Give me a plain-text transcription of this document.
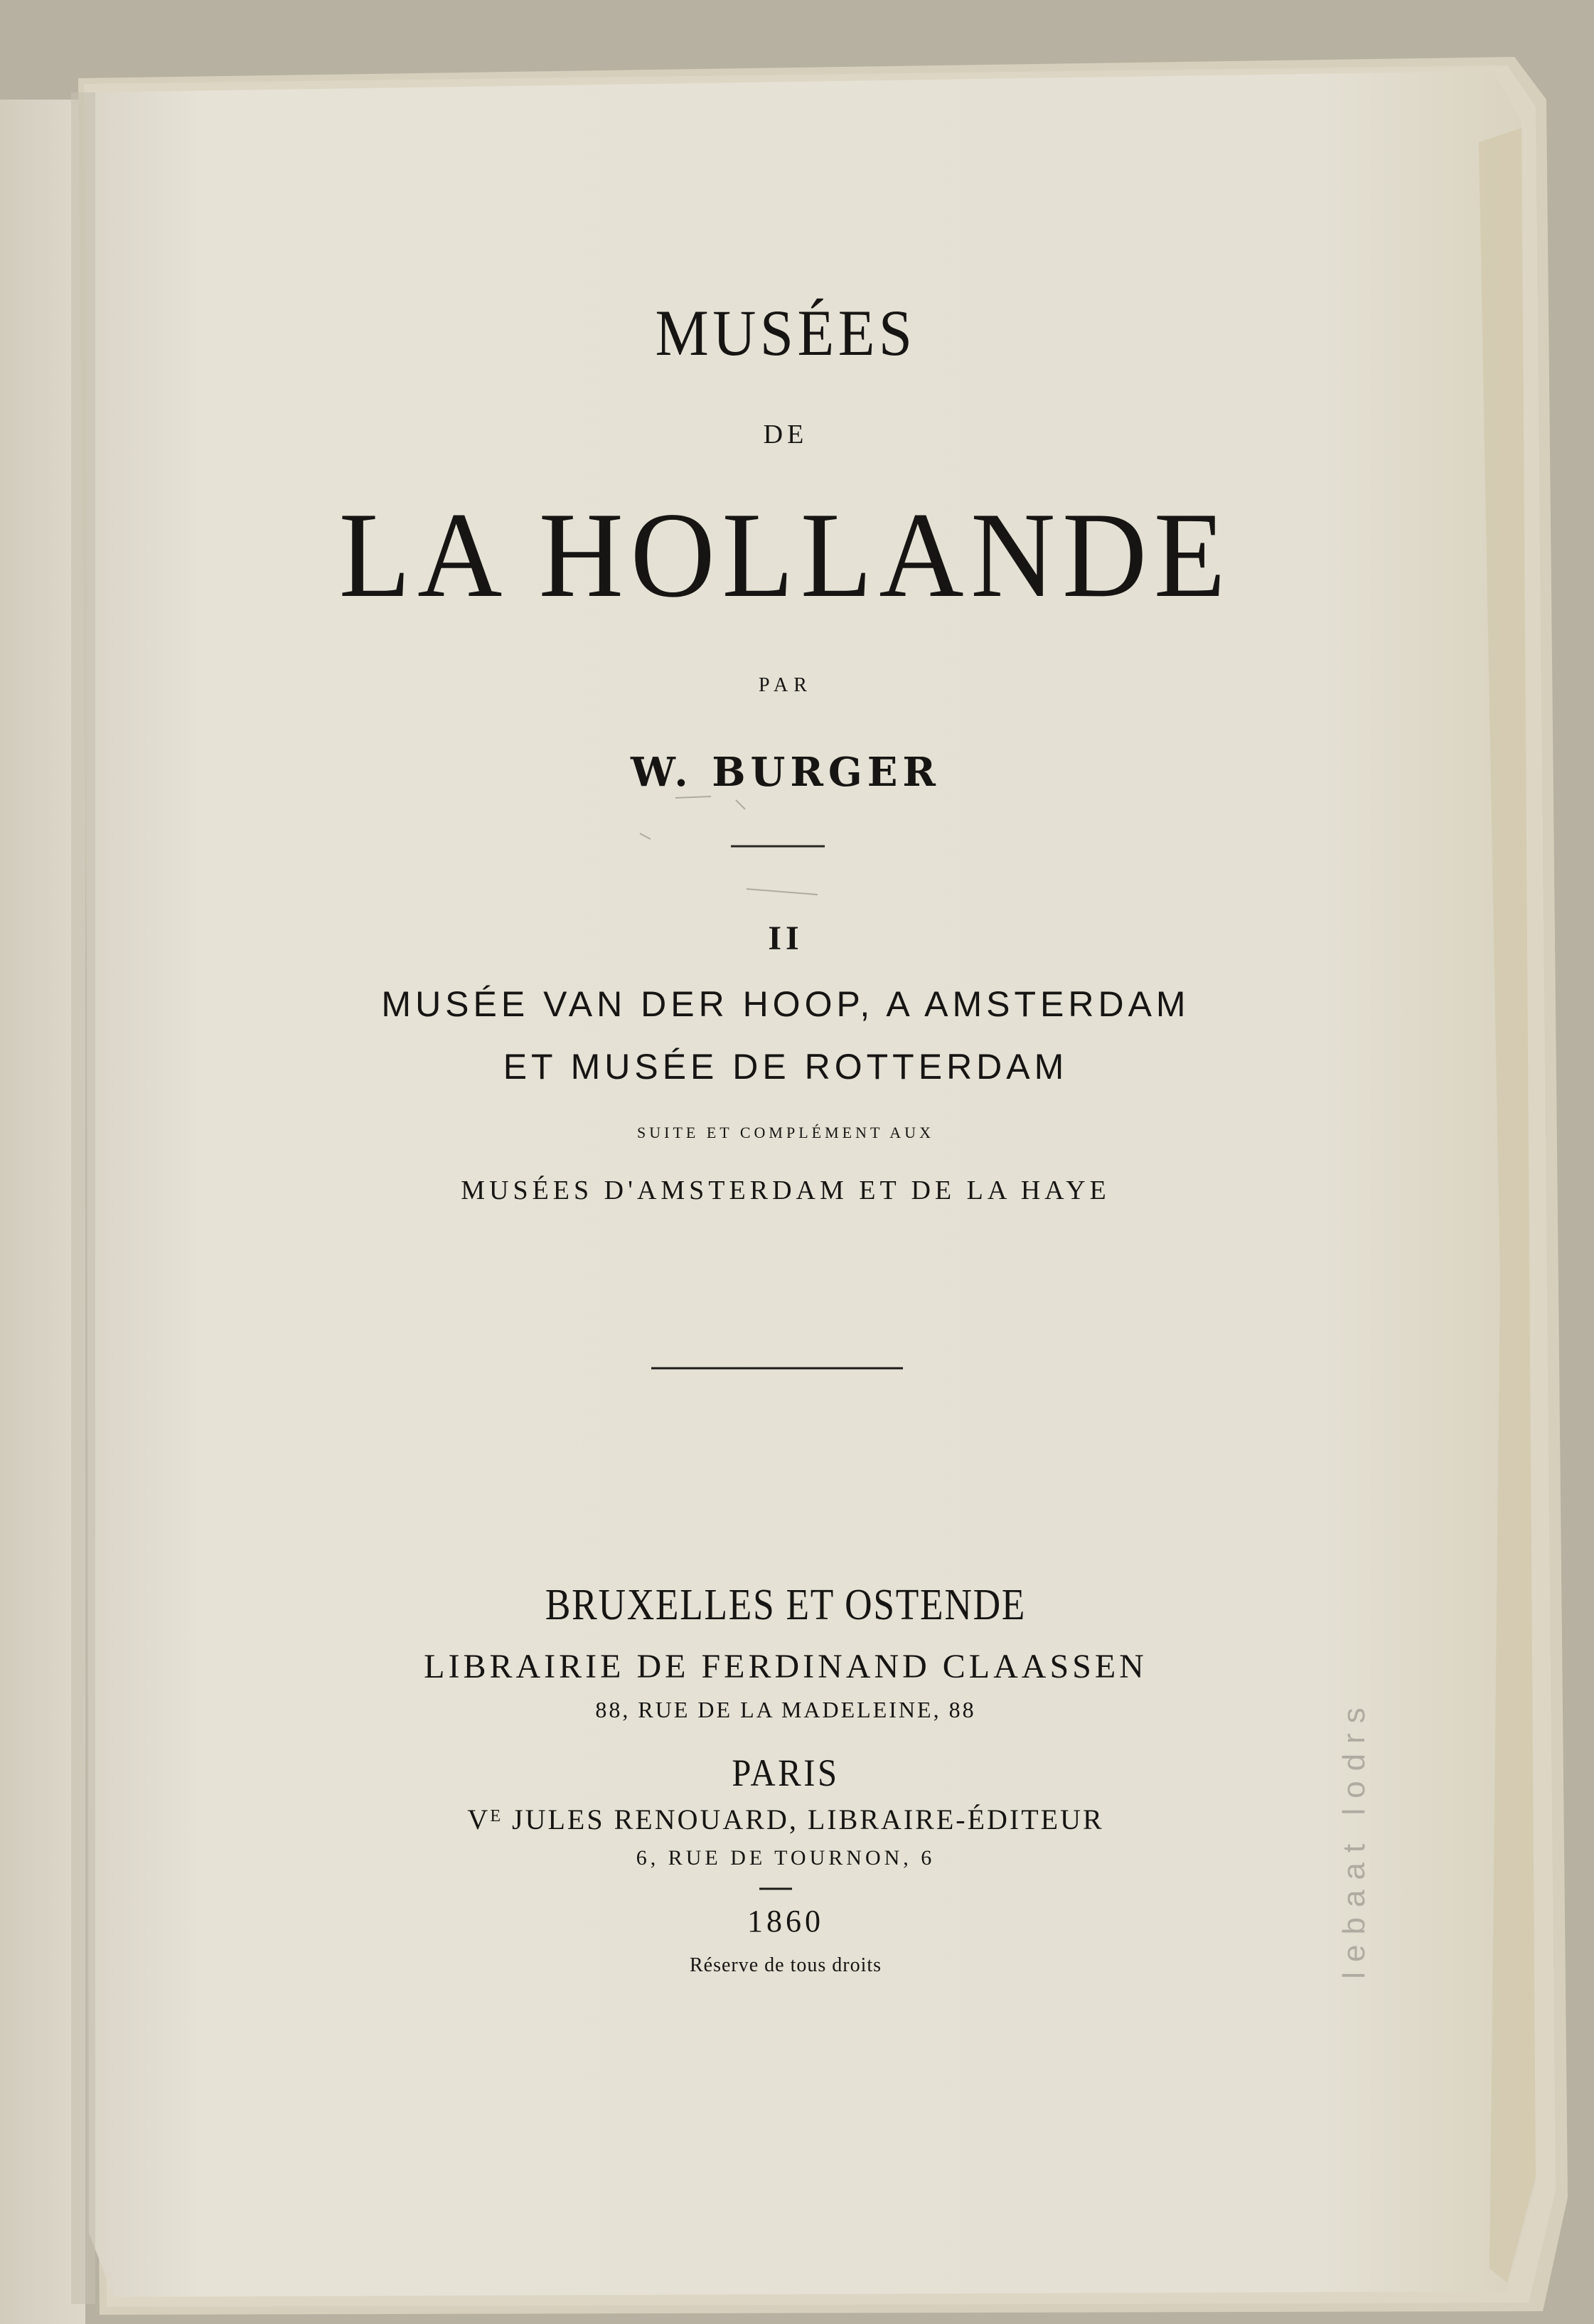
MUSÉES
DE
LA HOLLANDE
PAR
W. BURGER
II
MUSÉE VAN DER HOOP, A AMSTERDAM
ET MUSÉE DE ROTTERDAM
SUITE ET COMPLÉMENT AUX
MUSÉES D'AMSTERDAM ET DE LA HAYE
BRUXELLES ET OSTENDE
LIBRAIRIE DE FERDINAND CLAASSEN
88, RUE DE LA MADELEINE, 88
PARIS
Vᴱ JULES RENOUARD, LIBRAIRE-ÉDITEUR
6, RUE DE TOURNON, 6
1860
Réserve de tous droits	lebaat lodrs
